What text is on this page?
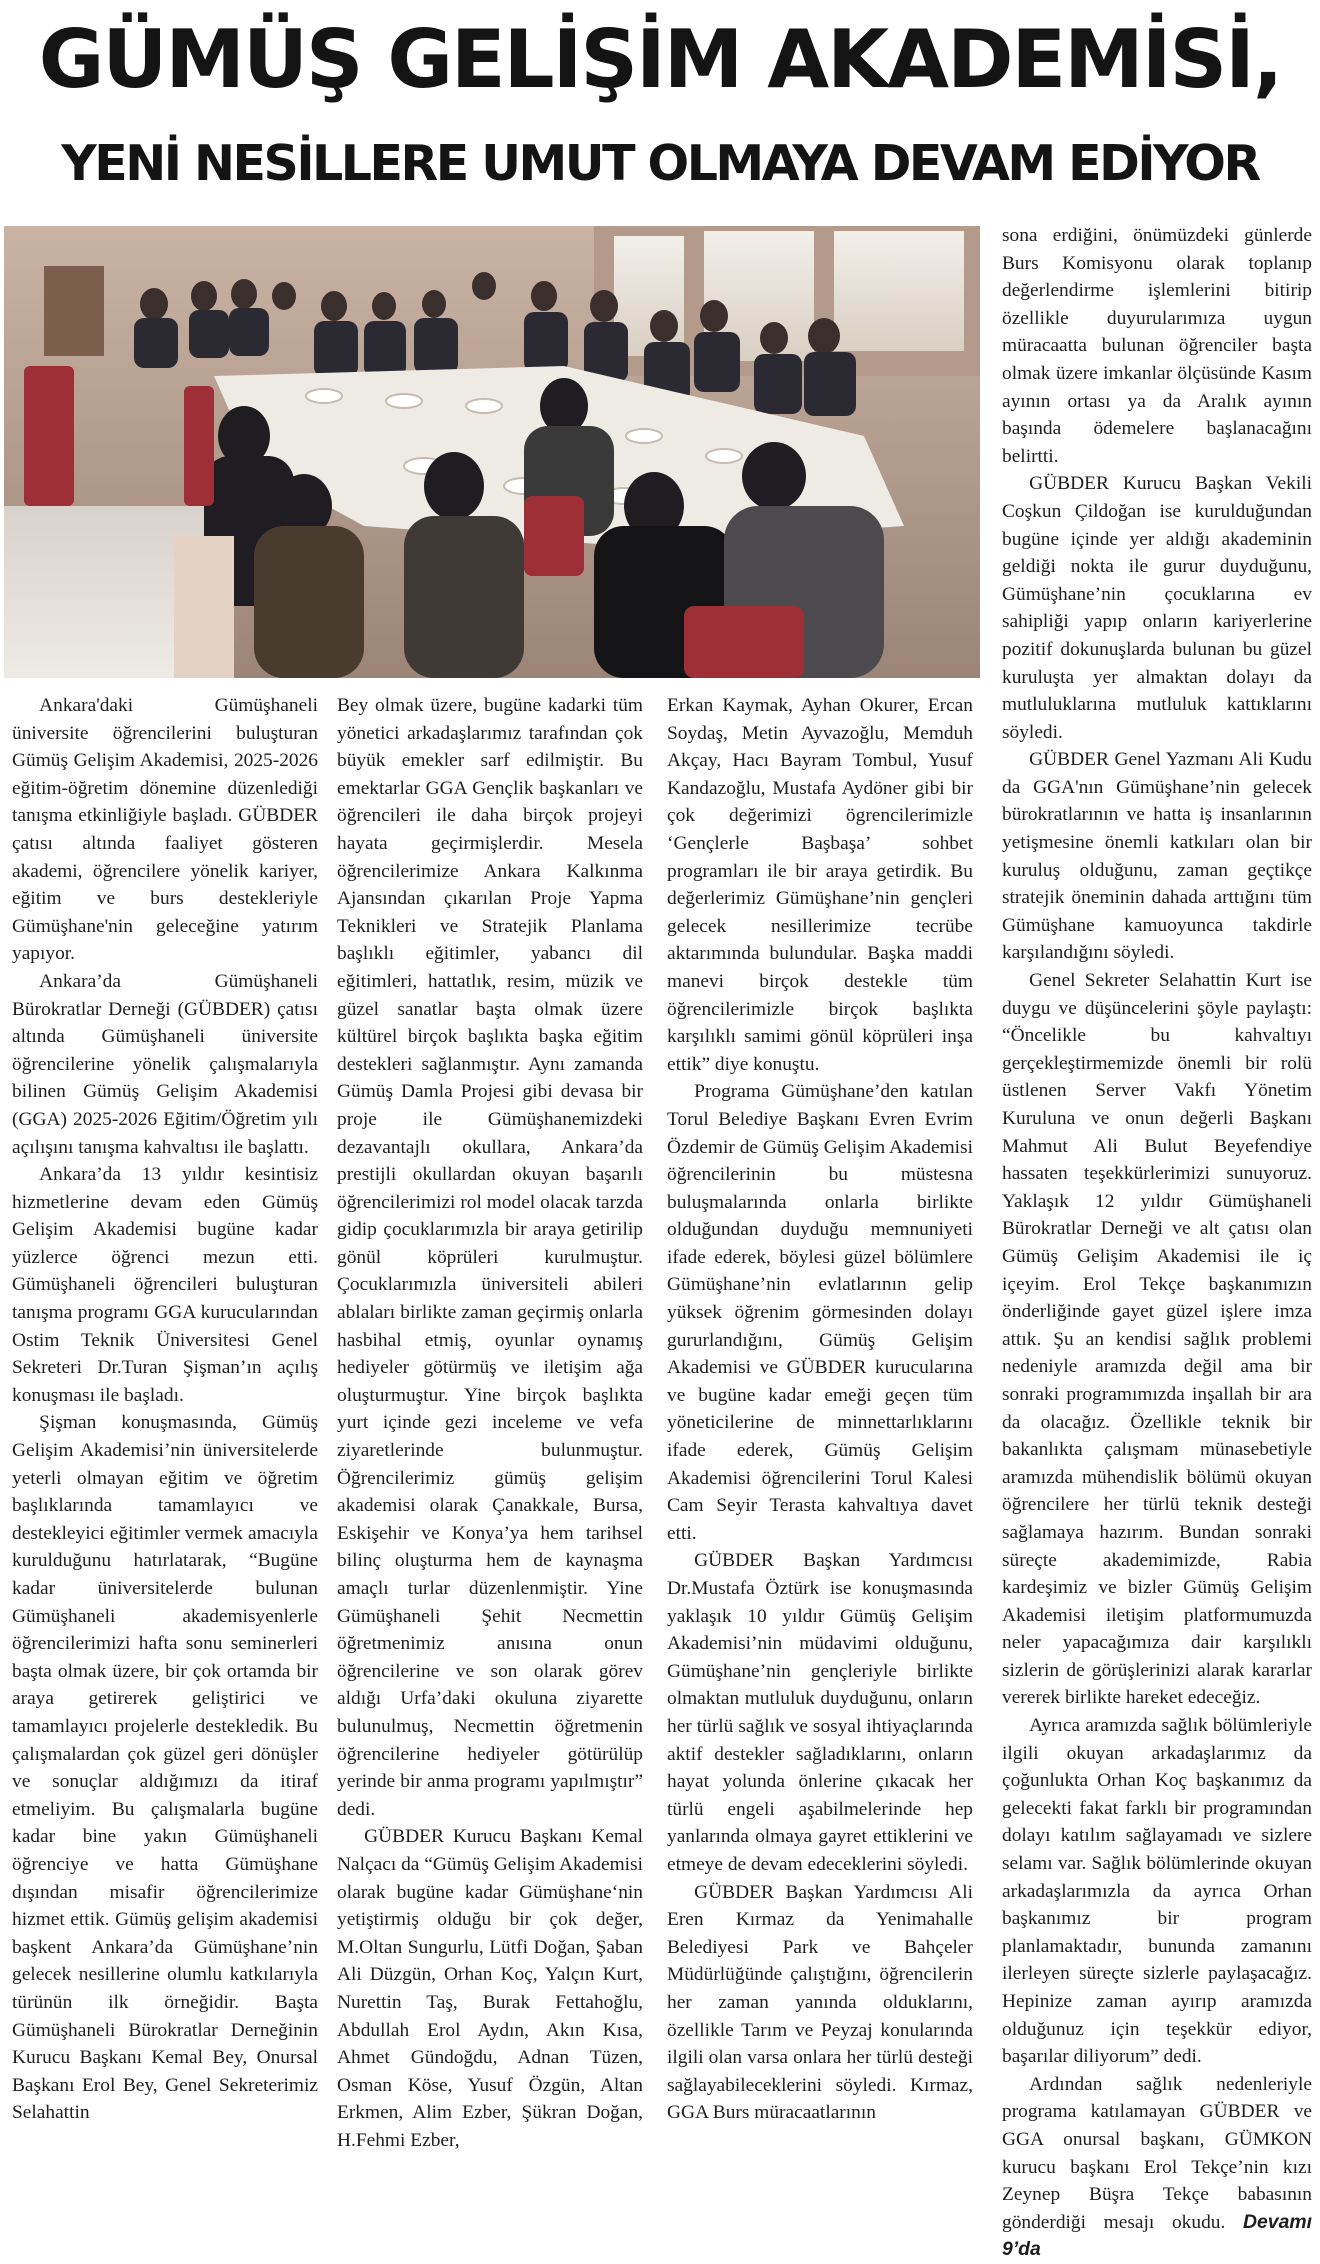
GÜMÜŞ GELİŞİM AKADEMİSİ,
YENİ NESİLLERE UMUT OLMAYA DEVAM EDİYOR

Ankara'daki Gümüşhaneli üniversite öğrencilerini buluşturan Gümüş Gelişim Akademisi, 2025-2026 eğitim-öğretim dönemine düzenlediği tanışma etkinliğiyle başladı. GÜBDER çatısı altında faaliyet gösteren akademi, öğrencilere yönelik kariyer, eğitim ve burs destekleriyle Gümüşhane'nin geleceğine yatırım yapıyor.

Ankara’da Gümüşhaneli Bürokratlar Derneği (GÜBDER) çatısı altında Gümüşhaneli üniversite öğrencilerine yönelik çalışmalarıyla bilinen Gümüş Gelişim Akademisi (GGA) 2025-2026 Eğitim/Öğretim yılı açılışını tanışma kahvaltısı ile başlattı.

Ankara’da 13 yıldır kesintisiz hizmetlerine devam eden Gümüş Gelişim Akademisi bugüne kadar yüzlerce öğrenci mezun etti. Gümüşhaneli öğrencileri buluşturan tanışma programı GGA kurucularından Ostim Teknik Üniversitesi Genel Sekreteri Dr.Turan Şişman’ın açılış konuşması ile başladı.

Şişman konuşmasında, Gümüş Gelişim Akademisi’nin üniversitelerde yeterli olmayan eğitim ve öğretim başlıklarında tamamlayıcı ve destekleyici eğitimler vermek amacıyla kurulduğunu hatırlatarak, “Bugüne kadar üniversitelerde bulunan Gümüşhaneli akademisyenlerle öğrencilerimizi hafta sonu seminerleri başta olmak üzere, bir çok ortamda bir araya getirerek geliştirici ve tamamlayıcı projelerle destekledik. Bu çalışmalardan çok güzel geri dönüşler ve sonuçlar aldığımızı da itiraf etmeliyim. Bu çalışmalarla bugüne kadar bine yakın Gümüşhaneli öğrenciye ve hatta Gümüşhane dışından misafir öğrencilerimize hizmet ettik. Gümüş gelişim akademisi başkent Ankara’da Gümüşhane’nin gelecek nesillerine olumlu katkılarıyla türünün ilk örneğidir. Başta Gümüşhaneli Bürokratlar Derneğinin Kurucu Başkanı Kemal Bey, Onursal Başkanı Erol Bey, Genel Sekreterimiz Selahattin

Bey olmak üzere, bugüne kadarki tüm yönetici arkadaşlarımız tarafından çok büyük emekler sarf edilmiştir. Bu emektarlar GGA Gençlik başkanları ve öğrencileri ile daha birçok projeyi hayata geçirmişlerdir. Mesela öğrencilerimize Ankara Kalkınma Ajansından çıkarılan Proje Yapma Teknikleri ve Stratejik Planlama başlıklı eğitimler, yabancı dil eğitimleri, hattatlık, resim, müzik ve güzel sanatlar başta olmak üzere kültürel birçok başlıkta başka eğitim destekleri sağlanmıştır. Aynı zamanda Gümüş Damla Projesi gibi devasa bir proje ile Gümüşhanemizdeki dezavantajlı okullara, Ankara’da prestijli okullardan okuyan başarılı öğrencilerimizi rol model olacak tarzda gidip çocuklarımızla bir araya getirilip gönül köprüleri kurulmuştur. Çocuklarımızla üniversiteli abileri ablaları birlikte zaman geçirmiş onlarla hasbihal etmiş, oyunlar oynamış hediyeler götürmüş ve iletişim ağa oluşturmuştur. Yine birçok başlıkta yurt içinde gezi inceleme ve vefa ziyaretlerinde bulunmuştur. Öğrencilerimiz gümüş gelişim akademisi olarak Çanakkale, Bursa, Eskişehir ve Konya’ya hem tarihsel bilinç oluşturma hem de kaynaşma amaçlı turlar düzenlenmiştir. Yine Gümüşhaneli Şehit Necmettin öğretmenimiz anısına onun öğrencilerine ve son olarak görev aldığı Urfa’daki okuluna ziyarette bulunulmuş, Necmettin öğretmenin öğrencilerine hediyeler götürülüp yerinde bir anma programı yapılmıştır” dedi.

GÜBDER Kurucu Başkanı Kemal Nalçacı da “Gümüş Gelişim Akademisi olarak bugüne kadar Gümüşhane‘nin yetiştirmiş olduğu bir çok değer, M.Oltan Sungurlu, Lütfi Doğan, Şaban Ali Düzgün, Orhan Koç, Yalçın Kurt, Nurettin Taş, Burak Fettahoğlu, Abdullah Erol Aydın, Akın Kısa, Ahmet Gündoğdu, Adnan Tüzen, Osman Köse, Yusuf Özgün, Altan Erkmen, Alim Ezber, Şükran Doğan, H.Fehmi Ezber,

Erkan Kaymak, Ayhan Okurer, Ercan Soydaş, Metin Ayvazoğlu, Memduh Akçay, Hacı Bayram Tombul, Yusuf Kandazoğlu, Mustafa Aydöner gibi bir çok değerimizi ögrencilerimizle ‘Gençlerle Başbaşa’ sohbet programları ile bir araya getirdik. Bu değerlerimiz Gümüşhane’nin gençleri gelecek nesillerimize tecrübe aktarımında bulundular. Başka maddi manevi birçok destekle tüm öğrencilerimizle birçok başlıkta karşılıklı samimi gönül köprüleri inşa ettik” diye konuştu.

Programa Gümüşhane’den katılan Torul Belediye Başkanı Evren Evrim Özdemir de Gümüş Gelişim Akademisi öğrencilerinin bu müstesna buluşmalarında onlarla birlikte olduğundan duyduğu memnuniyeti ifade ederek, böylesi güzel bölümlere Gümüşhane’nin evlatlarının gelip yüksek öğrenim görmesinden dolayı gururlandığını, Gümüş Gelişim Akademisi ve GÜBDER kurucularına ve bugüne kadar emeği geçen tüm yöneticilerine de minnettarlıklarını ifade ederek, Gümüş Gelişim Akademisi öğrencilerini Torul Kalesi Cam Seyir Terasta kahvaltıya davet etti.

GÜBDER Başkan Yardımcısı Dr.Mustafa Öztürk ise konuşmasında yaklaşık 10 yıldır Gümüş Gelişim Akademisi’nin müdavimi olduğunu, Gümüşhane’nin gençleriyle birlikte olmaktan mutluluk duyduğunu, onların her türlü sağlık ve sosyal ihtiyaçlarında aktif destekler sağladıklarını, onların hayat yolunda önlerine çıkacak her türlü engeli aşabilmelerinde hep yanlarında olmaya gayret ettiklerini ve etmeye de devam edeceklerini söyledi.

GÜBDER Başkan Yardımcısı Ali Eren Kırmaz da Yenimahalle Belediyesi Park ve Bahçeler Müdürlüğünde çalıştığını, öğrencilerin her zaman yanında olduklarını, özellikle Tarım ve Peyzaj konularında ilgili olan varsa onlara her türlü desteği sağlayabileceklerini söyledi. Kırmaz, GGA Burs müracaatlarının

sona erdiğini, önümüzdeki günlerde Burs Komisyonu olarak toplanıp değerlendirme işlemlerini bitirip özellikle duyurularımıza uygun müracaatta bulunan öğrenciler başta olmak üzere imkanlar ölçüsünde Kasım ayının ortası ya da Aralık ayının başında ödemelere başlanacağını belirtti.

GÜBDER Kurucu Başkan Vekili Coşkun Çildoğan ise kurulduğundan bugüne içinde yer aldığı akademinin geldiği nokta ile gurur duyduğunu, Gümüşhane’nin çocuklarına ev sahipliği yapıp onların kariyerlerine pozitif dokunuşlarda bulunan bu güzel kuruluşta yer almaktan dolayı da mutluluklarına mutluluk kattıklarını söyledi.

GÜBDER Genel Yazmanı Ali Kudu da GGA'nın Gümüşhane’nin gelecek bürokratlarının ve hatta iş insanlarının yetişmesine önemli katkıları olan bir kuruluş olduğunu, zaman geçtikçe stratejik öneminin dahada arttığını tüm Gümüşhane kamuoyunca takdirle karşılandığını söyledi.

Genel Sekreter Selahattin Kurt ise duygu ve düşüncelerini şöyle paylaştı: “Öncelikle bu kahvaltıyı gerçekleştirmemizde önemli bir rolü üstlenen Server Vakfı Yönetim Kuruluna ve onun değerli Başkanı Mahmut Ali Bulut Beyefendiye hassaten teşekkürlerimizi sunuyoruz. Yaklaşık 12 yıldır Gümüşhaneli Bürokratlar Derneği ve alt çatısı olan Gümüş Gelişim Akademisi ile iç içeyim. Erol Tekçe başkanımızın önderliğinde gayet güzel işlere imza attık. Şu an kendisi sağlık problemi nedeniyle aramızda değil ama bir sonraki programımızda inşallah bir ara da olacağız. Özellikle teknik bir bakanlıkta çalışmam münasebetiyle aramızda mühendislik bölümü okuyan öğrencilere her türlü teknik desteği sağlamaya hazırım. Bundan sonraki süreçte akademimizde, Rabia kardeşimiz ve bizler Gümüş Gelişim Akademisi iletişim platformumuzda neler yapacağımıza dair karşılıklı sizlerin de görüşlerinizi alarak kararlar vererek birlikte hareket edeceğiz.

Ayrıca aramızda sağlık bölümleriyle ilgili okuyan arkadaşlarımız da çoğunlukta Orhan Koç başkanımız da gelecekti fakat farklı bir programından dolayı katılım sağlayamadı ve sizlere selamı var. Sağlık bölümlerinde okuyan arkadaşlarımızla da ayrıca Orhan başkanımız bir program planlamaktadır, bununda zamanını ilerleyen süreçte sizlerle paylaşacağız. Hepinize zaman ayırıp aramızda olduğunuz için teşekkür ediyor, başarılar diliyorum” dedi.

Ardından sağlık nedenleriyle programa katılamayan GÜBDER ve GGA onursal başkanı, GÜMKON kurucu başkanı Erol Tekçe’nin kızı Zeynep Büşra Tekçe babasının gönderdiği mesajı okudu. Devamı 9’da
